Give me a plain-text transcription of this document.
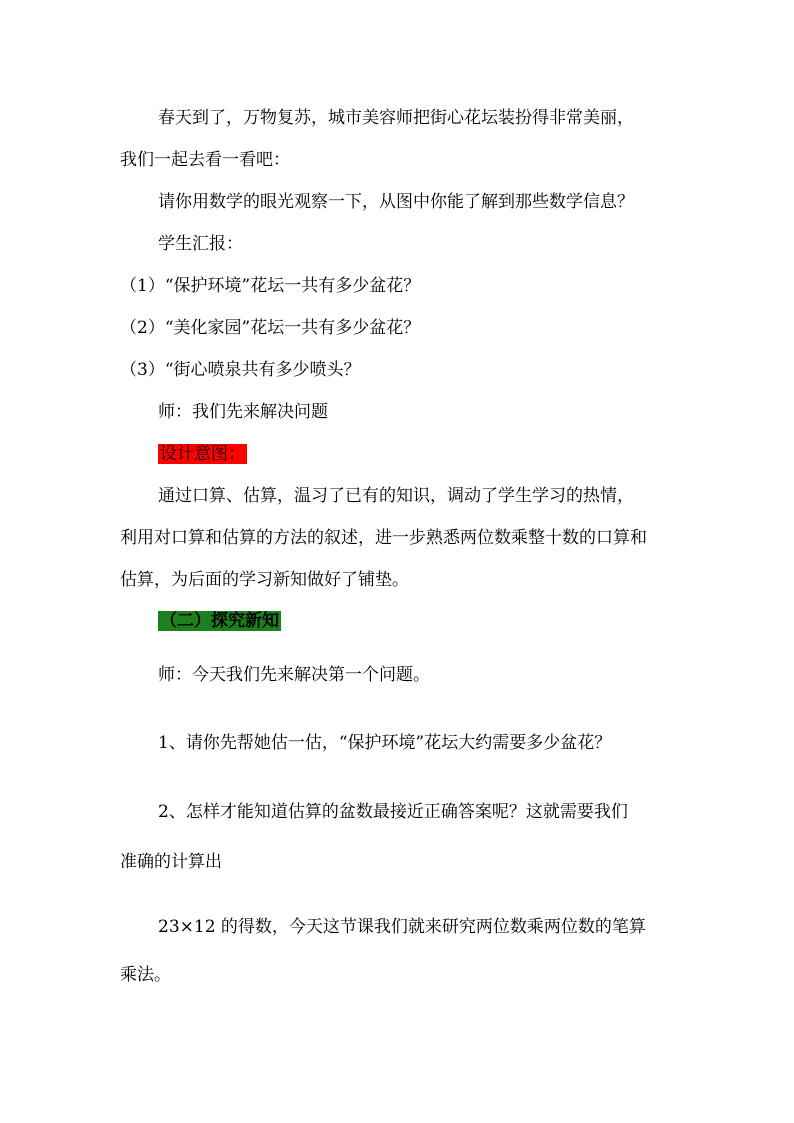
春天到了，万物复苏，城市美容师把街心花坛装扮得非常美丽，
我们一起去看一看吧：
请你用数学的眼光观察一下，从图中你能了解到那些数学信息？
学生汇报：
（1）“保护环境”花坛一共有多少盆花？
（2）“美化家园”花坛一共有多少盆花？
（3）“街心喷泉共有多少喷头？
师：我们先来解决问题
设计意图：
通过口算、估算，温习了已有的知识，调动了学生学习的热情，
利用对口算和估算的方法的叙述，进一步熟悉两位数乘整十数的口算和
估算，为后面的学习新知做好了铺垫。
（二）探究新知
师：今天我们先来解决第一个问题。
1、请你先帮她估一估，“保护环境”花坛大约需要多少盆花？
2、怎样才能知道估算的盆数最接近正确答案呢？这就需要我们
准确的计算出
23×12 的得数，今天这节课我们就来研究两位数乘两位数的笔算
乘法。
